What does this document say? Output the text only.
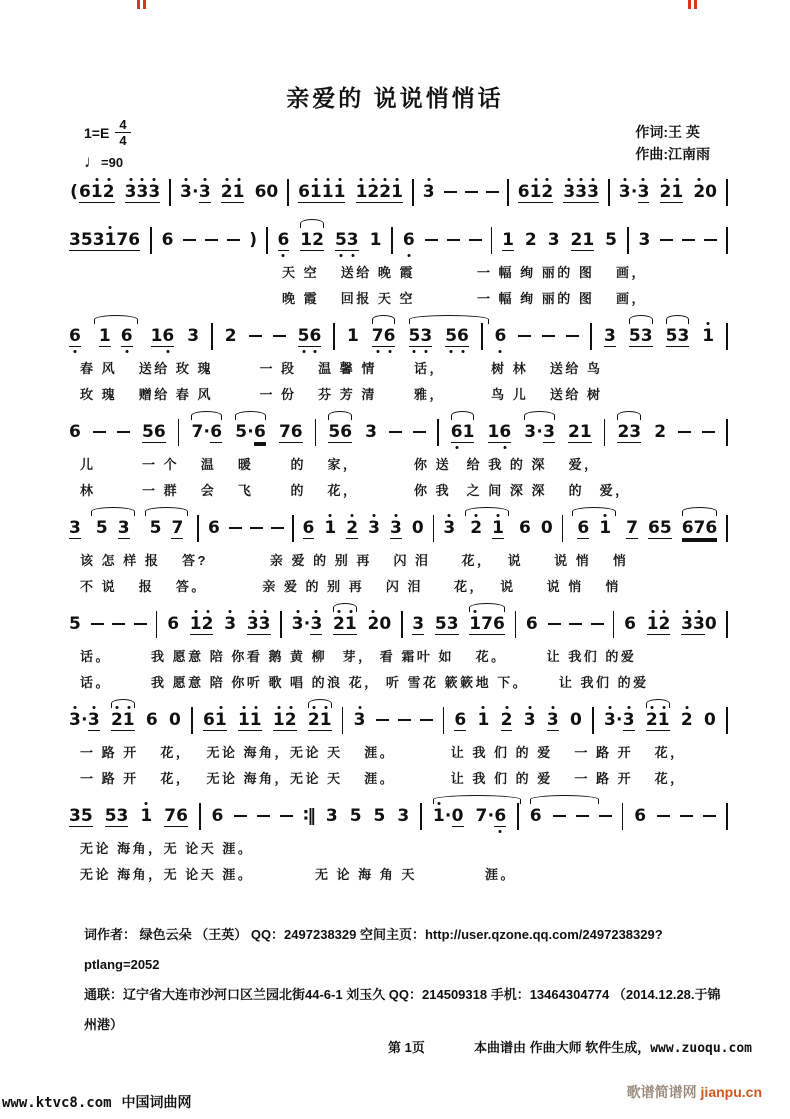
亲爱的 说说悄悄话
作词:王 英
作曲:江南雨
$1=E \frac{4}{4}$
♩=90
( 6 1 2 3 3 3 3 · 3 2 1 6 0 6 1 1 1 1 2 2 1 3	6 1 2 3 3 3 3 · 3 2 1 2 0
3 5 3 1 7 6 6	) 6 1 2 5 3 1 6	1 2 3 2 1 5 3
天 空　 送给 晚 霞　　　　一 幅 绚 丽的 图　 画，
晚 霞　 回报 天 空　　　　一 幅 绚 丽的 图　 画，
6 1 6 1 6 3 2	5 6 1 7 6 5 3 5 6 6	3 5 3 5 3 1
春 风　 送给 玫 瑰　　　一 段　 温 馨 情　　 话，　　　 树 林　 送给 鸟
玫 瑰　 赠给 春 风　　　一 份　 芬 芳 清　　 雅，　　　 鸟 儿　 送给 树
6	5 6 7 · 6 5 · 6 7 6 5 6 3	6 1 1 6 3 · 3 2 1 2 3 2
儿　　　一 个　 温　 暖　　 的　 家，　　　　你 送　给 我 的 深　 爱，
林　　　一 群　 会　 飞　　 的　 花，　　　　你 我　之 间 深 深　 的　爱，
3 5 3 5 7 6	6 1 2 3 3 0 3 2 1 6 0 6 1 7 6 5 6 7 6
该 怎 样 报　 答?　　　　亲 爱 的 别 再　 闪 泪　　花，　 说　　说 悄　 悄
不 说　 报　 答。　　　　亲 爱 的 别 再　 闪 泪　　花，　 说　　说 悄　 悄
5	6 1 2 3 3 3 3 · 3 2 1 2 0 3 5 3 1 7 6 6	6 1 2 3 3 0
话。　　　我 愿意 陪 你看 鹅 黄 柳　芽， 看 霜叶 如　 花。　　　让 我们 的爱
话。　　　我 愿意 陪 你听 歌 唱 的浪 花， 听 雪花 簌簌地 下。　　 让 我们 的爱
3 · 3 2 1 6 0 6 1 1 1 1 2 2 1 3	6 1 2 3 3 0 3 · 3 2 1 2 0
一 路 开　 花，　 无论 海角，无论 天　 涯。　　　　让 我 们 的 爱　 一 路 开　 花，
一 路 开　 花，　 无论 海角，无论 天　 涯。　　　　让 我 们 的 爱　 一 路 开　 花，
3 5 5 3 1 7 6 6	∶‖ 3 5 5 3 1 · 0 7 · 6 6	6
无论 海角，无 论天 涯。
无论 海角，无 论天 涯。　　　　 无 论 海 角 天　　　　 涯。
词作者： 绿色云朵 （王英） QQ：2497238329 空间主页：http://user.qzone.qq.com/2497238329?ptlang=2052
通联：辽宁省大连市沙河口区兰园北街44-6-1 刘玉久 QQ：214509318 手机：13464304774 （2014.12.28.于锦州港）
第 1页	本曲谱由 作曲大师 软件生成，www.zuoqu.com
www.ktvc8.com 中国词曲网
歌谱简谱网 jianpu.cn
